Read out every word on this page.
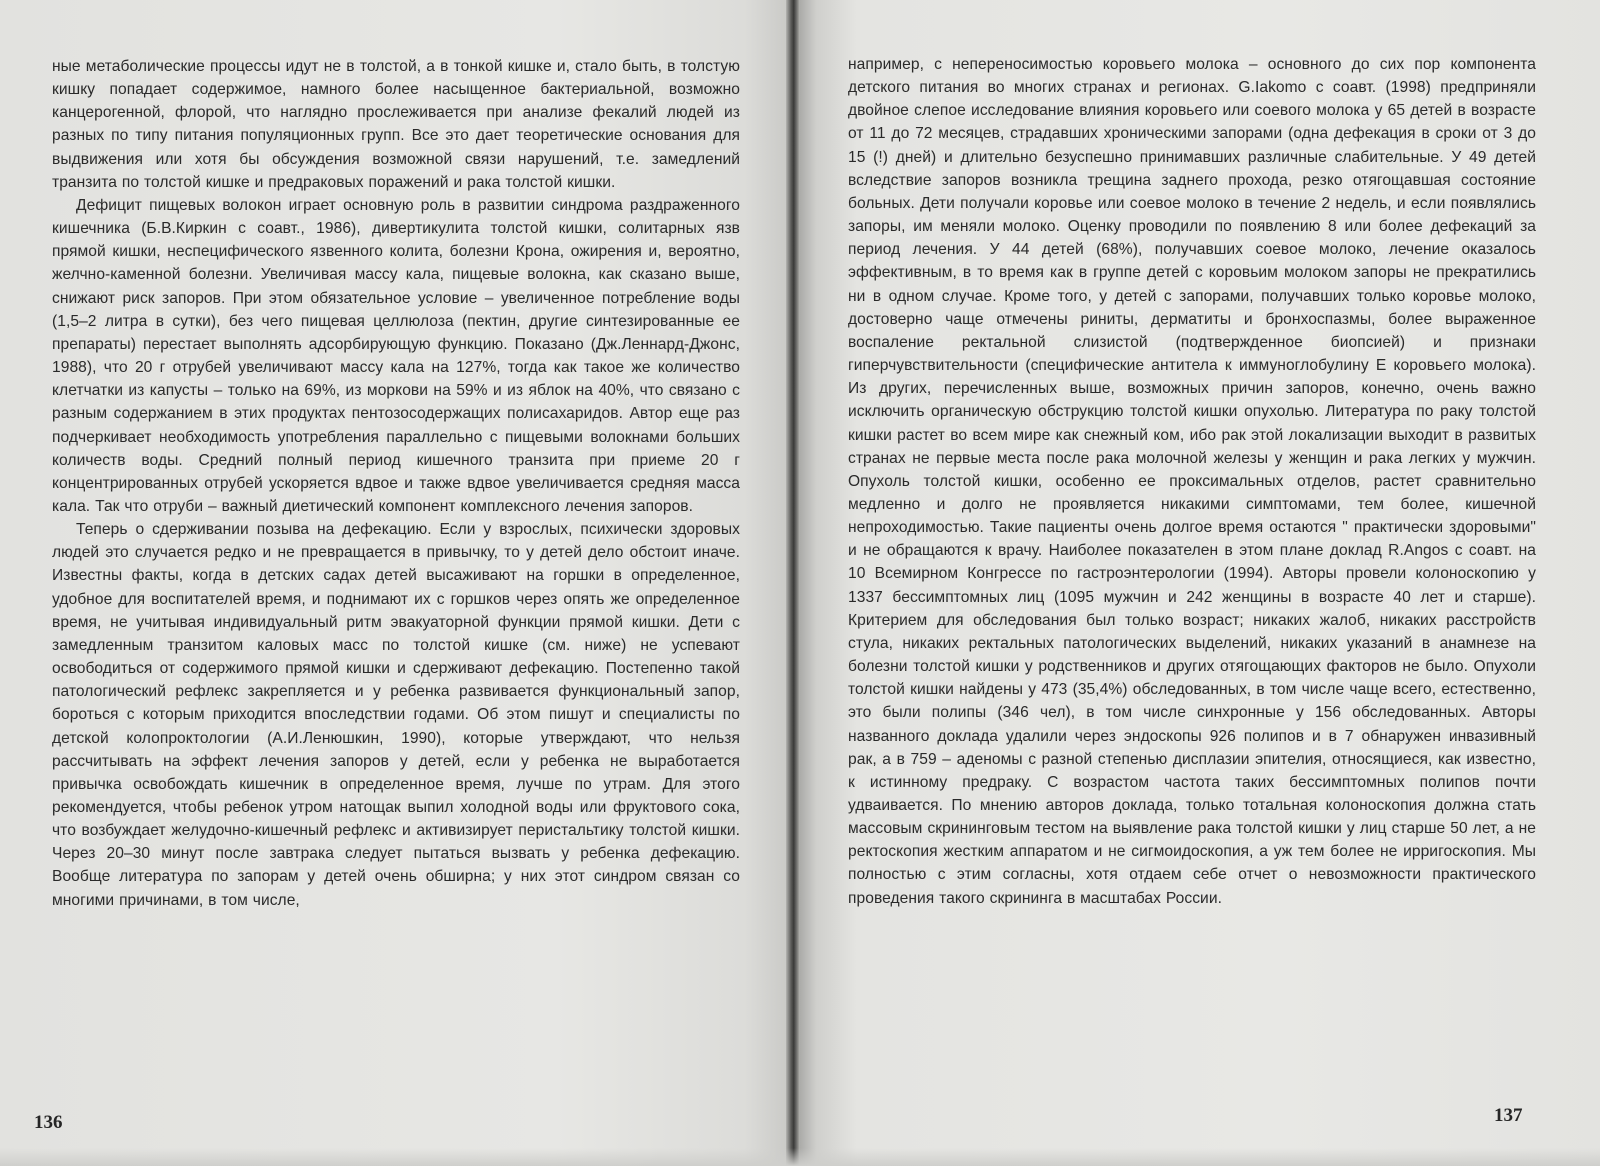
ные метаболические процессы идут не в толстой, а в тонкой кишке и, стало быть, в толстую кишку попадает содержимое, намного более насыщенное бактериальной, возможно канцерогенной, флорой, что наглядно прослеживается при анализе фекалий людей из разных по типу питания популяционных групп. Все это дает теоретические основания для выдвижения или хотя бы обсуждения возможной связи нарушений, т.е. замедлений транзита по толстой кишке и предраковых поражений и рака толстой кишки.

Дефицит пищевых волокон играет основную роль в развитии синдрома раздраженного кишечника (Б.В.Киркин с соавт., 1986), дивертикулита толстой кишки, солитарных язв прямой кишки, неспецифического язвенного колита, болезни Крона, ожирения и, вероятно, желчно-каменной болезни. Увеличивая массу кала, пищевые волокна, как сказано выше, снижают риск запоров. При этом обязательное условие – увеличенное потребление воды (1,5–2 литра в сутки), без чего пищевая целлюлоза (пектин, другие синтезированные ее препараты) перестает выполнять адсорбирующую функцию. Показано (Дж.Леннард-Джонс, 1988), что 20 г отрубей увеличивают массу кала на 127%, тогда как такое же количество клетчатки из капусты – только на 69%, из моркови на 59% и из яблок на 40%, что связано с разным содержанием в этих продуктах пентозосодержащих полисахаридов. Автор еще раз подчеркивает необходимость употребления параллельно с пищевыми волокнами больших количеств воды. Средний полный период кишечного транзита при приеме 20 г концентрированных отрубей ускоряется вдвое и также вдвое увеличивается средняя масса кала. Так что отруби – важный диетический компонент комплексного лечения запоров.

Теперь о сдерживании позыва на дефекацию. Если у взрослых, психически здоровых людей это случается редко и не превращается в привычку, то у детей дело обстоит иначе. Известны факты, когда в детских садах детей высаживают на горшки в определенное, удобное для воспитателей время, и поднимают их с горшков через опять же определенное время, не учитывая индивидуальный ритм эвакуаторной функции прямой кишки. Дети с замедленным транзитом каловых масс по толстой кишке (см. ниже) не успевают освободиться от содержимого прямой кишки и сдерживают дефекацию. Постепенно такой патологический рефлекс закрепляется и у ребенка развивается функциональный запор, бороться с которым приходится впоследствии годами. Об этом пишут и специалисты по детской колопроктологии (А.И.Ленюшкин, 1990), которые утверждают, что нельзя рассчитывать на эффект лечения запоров у детей, если у ребенка не выработается привычка освобождать кишечник в определенное время, лучше по утрам. Для этого рекомендуется, чтобы ребенок утром натощак выпил холодной воды или фруктового сока, что возбуждает желудочно-кишечный рефлекс и активизирует перистальтику толстой кишки. Через 20–30 минут после завтрака следует пытаться вызвать у ребенка дефекацию. Вообще литература по запорам у детей очень обширна; у них этот синдром связан со многими причинами, в том числе,

136

например, с непереносимостью коровьего молока – основного до сих пор компонента детского питания во многих странах и регионах. G.Iakomo с соавт. (1998) предприняли двойное слепое исследование влияния коровьего или соевого молока у 65 детей в возрасте от 11 до 72 месяцев, страдавших хроническими запорами (одна дефекация в сроки от 3 до 15 (!) дней) и длительно безуспешно принимавших различные слабительные. У 49 детей вследствие запоров возникла трещина заднего прохода, резко отягощавшая состояние больных. Дети получали коровье или соевое молоко в течение 2 недель, и если появлялись запоры, им меняли молоко. Оценку проводили по появлению 8 или более дефекаций за период лечения. У 44 детей (68%), получавших соевое молоко, лечение оказалось эффективным, в то время как в группе детей с коровьим молоком запоры не прекратились ни в одном случае. Кроме того, у детей с запорами, получавших только коровье молоко, достоверно чаще отмечены риниты, дерматиты и бронхоспазмы, более выраженное воспаление ректальной слизистой (подтвержденное биопсией) и признаки гиперчувствительности (специфические антитела к иммуноглобулину Е коровьего молока). Из других, перечисленных выше, возможных причин запоров, конечно, очень важно исключить органическую обструкцию толстой кишки опухолью. Литература по раку толстой кишки растет во всем мире как снежный ком, ибо рак этой локализации выходит в развитых странах не первые места после рака молочной железы у женщин и рака легких у мужчин. Опухоль толстой кишки, особенно ее проксимальных отделов, растет сравнительно медленно и долго не проявляется никакими симптомами, тем более, кишечной непроходимостью. Такие пациенты очень долгое время остаются " практически здоровыми" и не обращаются к врачу. Наиболее показателен в этом плане доклад R.Angos с соавт. на 10 Всемирном Конгрессе по гастроэнтерологии (1994). Авторы провели колоноскопию у 1337 бессимптомных лиц (1095 мужчин и 242 женщины в возрасте 40 лет и старше). Критерием для обследования был только возраст; никаких жалоб, никаких расстройств стула, никаких ректальных патологических выделений, никаких указаний в анамнезе на болезни толстой кишки у родственников и других отягощающих факторов не было. Опухоли толстой кишки найдены у 473 (35,4%) обследованных, в том числе чаще всего, естественно, это были полипы (346 чел), в том числе синхронные у 156 обследованных. Авторы названного доклада удалили через эндоскопы 926 полипов и в 7 обнаружен инвазивный рак, а в 759 – аденомы с разной степенью дисплазии эпителия, относящиеся, как известно, к истинному предраку. С возрастом частота таких бессимптомных полипов почти удваивается. По мнению авторов доклада, только тотальная колоноскопия должна стать массовым скрининговым тестом на выявление рака толстой кишки у лиц старше 50 лет, а не ректоскопия жестким аппаратом и не сигмоидоскопия, а уж тем более не ирригоскопия. Мы полностью с этим согласны, хотя отдаем себе отчет о невозможности практического проведения такого скрининга в масштабах России.

137
